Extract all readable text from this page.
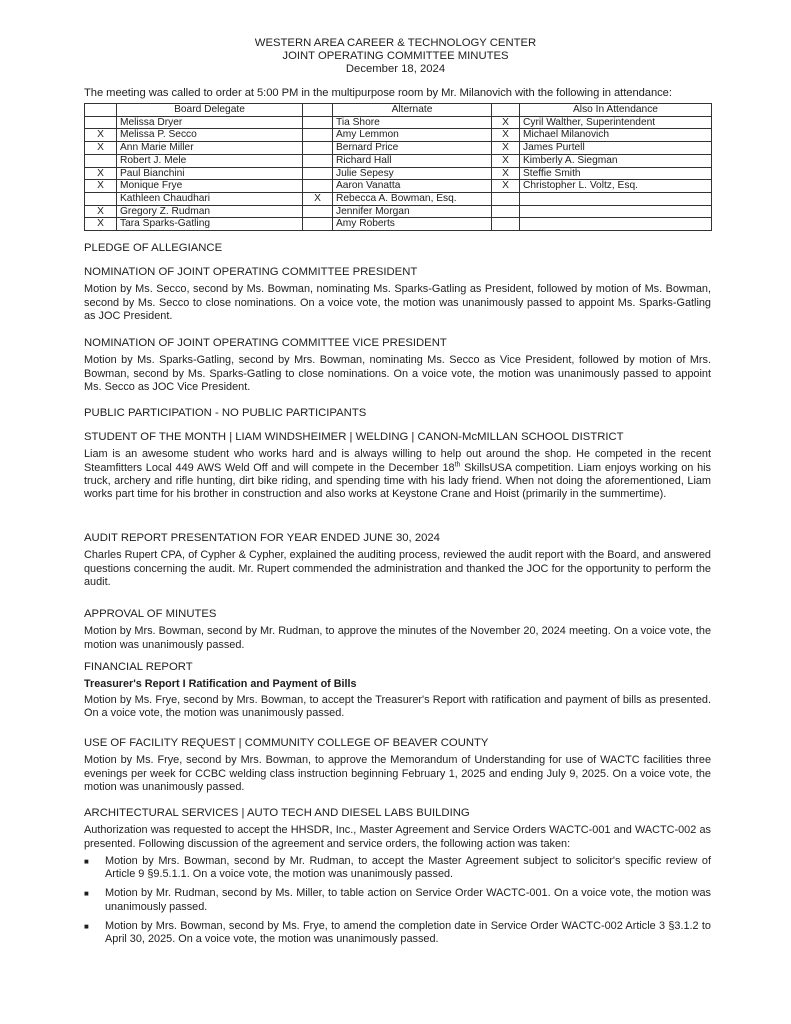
WESTERN AREA CAREER & TECHNOLOGY CENTER
JOINT OPERATING COMMITTEE MINUTES
December 18, 2024
The meeting was called to order at 5:00 PM in the multipurpose room by Mr. Milanovich with the following in attendance:
	Board Delegate		Alternate		Also In Attendance
	Melissa Dryer		Tia Shore	X	Cyril Walther, Superintendent
X	Melissa P. Secco		Amy Lemmon	X	Michael Milanovich
X	Ann Marie Miller		Bernard Price	X	James Purtell
	Robert J. Mele		Richard Hall	X	Kimberly A. Siegman
X	Paul Bianchini		Julie Sepesy	X	Steffie Smith
X	Monique Frye		Aaron Vanatta	X	Christopher L. Voltz, Esq.
	Kathleen Chaudhari	X	Rebecca A. Bowman, Esq.		
X	Gregory Z. Rudman		Jennifer Morgan		
X	Tara Sparks-Gatling		Amy Roberts		
PLEDGE OF ALLEGIANCE
NOMINATION OF JOINT OPERATING COMMITTEE PRESIDENT

Motion by Ms. Secco, second by Ms. Bowman, nominating Ms. Sparks-Gatling as President, followed by motion of Ms. Bowman, second by Ms. Secco to close nominations. On a voice vote, the motion was unanimously passed to appoint Ms. Sparks-Gatling as JOC President.

NOMINATION OF JOINT OPERATING COMMITTEE VICE PRESIDENT

Motion by Ms. Sparks-Gatling, second by Mrs. Bowman, nominating Ms. Secco as Vice President, followed by motion of Mrs. Bowman, second by Ms. Sparks-Gatling to close nominations. On a voice vote, the motion was unanimously passed to appoint Ms. Secco as JOC Vice President.

PUBLIC PARTICIPATION - NO PUBLIC PARTICIPANTS
STUDENT OF THE MONTH | LIAM WINDSHEIMER | WELDING | CANON-McMILLAN SCHOOL DISTRICT

Liam is an awesome student who works hard and is always willing to help out around the shop. He competed in the recent Steamfitters Local 449 AWS Weld Off and will compete in the December 18th SkillsUSA competition. Liam enjoys working on his truck, archery and rifle hunting, dirt bike riding, and spending time with his lady friend. When not doing the aforementioned, Liam works part time for his brother in construction and also works at Keystone Crane and Hoist (primarily in the summertime).

AUDIT REPORT PRESENTATION FOR YEAR ENDED JUNE 30, 2024

Charles Rupert CPA, of Cypher & Cypher, explained the auditing process, reviewed the audit report with the Board, and answered questions concerning the audit. Mr. Rupert commended the administration and thanked the JOC for the opportunity to perform the audit.

APPROVAL OF MINUTES

Motion by Mrs. Bowman, second by Mr. Rudman, to approve the minutes of the November 20, 2024 meeting. On a voice vote, the motion was unanimously passed.

FINANCIAL REPORT
Treasurer's Report I Ratification and Payment of Bills

Motion by Ms. Frye, second by Mrs. Bowman, to accept the Treasurer's Report with ratification and payment of bills as presented. On a voice vote, the motion was unanimously passed.

USE OF FACILITY REQUEST | COMMUNITY COLLEGE OF BEAVER COUNTY

Motion by Ms. Frye, second by Mrs. Bowman, to approve the Memorandum of Understanding for use of WACTC facilities three evenings per week for CCBC welding class instruction beginning February 1, 2025 and ending July 9, 2025. On a voice vote, the motion was unanimously passed.

ARCHITECTURAL SERVICES | AUTO TECH AND DIESEL LABS BUILDING

Authorization was requested to accept the HHSDR, Inc., Master Agreement and Service Orders WACTC-001 and WACTC-002 as presented. Following discussion of the agreement and service orders, the following action was taken:

■ Motion by Mrs. Bowman, second by Mr. Rudman, to accept the Master Agreement subject to solicitor's specific review of Article 9 §9.5.1.1. On a voice vote, the motion was unanimously passed.
■ Motion by Mr. Rudman, second by Ms. Miller, to table action on Service Order WACTC-001. On a voice vote, the motion was unanimously passed.
■ Motion by Mrs. Bowman, second by Ms. Frye, to amend the completion date in Service Order WACTC-002 Article 3 §3.1.2 to April 30, 2025. On a voice vote, the motion was unanimously passed.
